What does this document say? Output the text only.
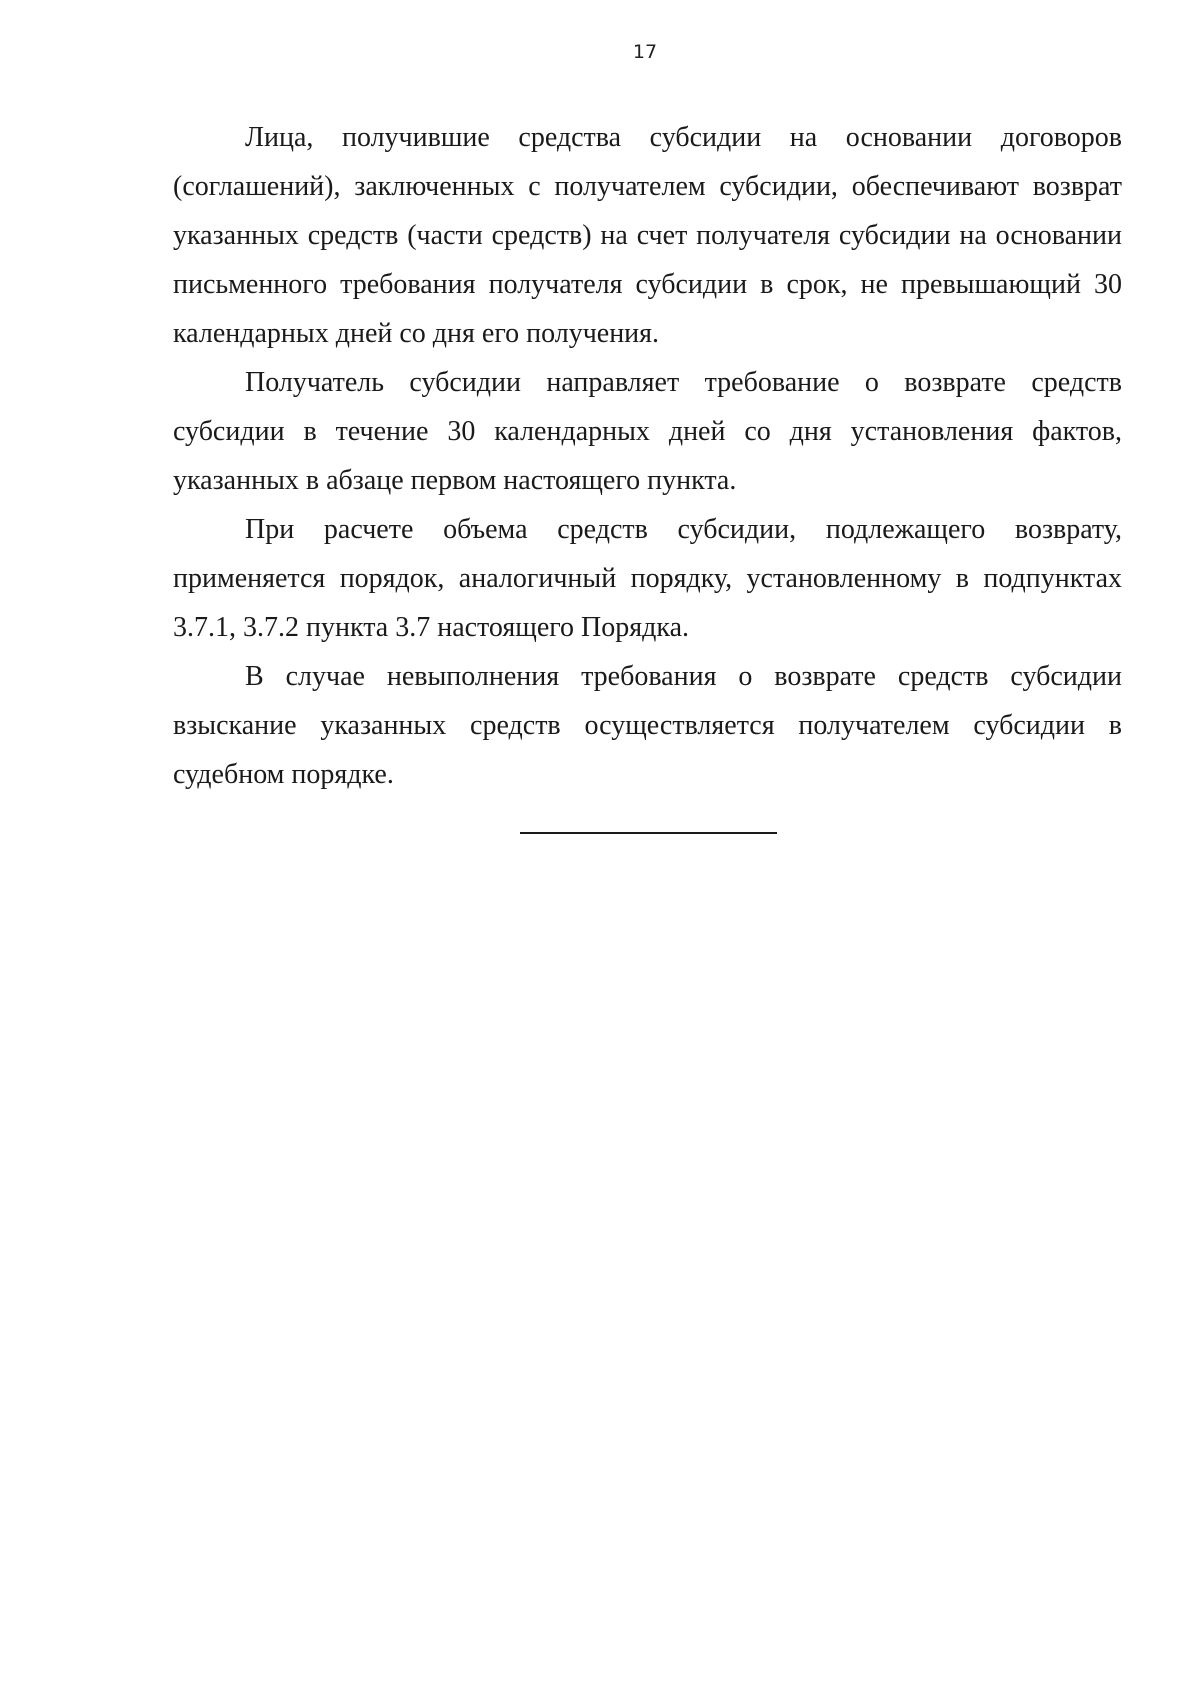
17

Лица, получившие средства субсидии на основании договоров (соглашений), заключенных с получателем субсидии, обеспечивают возврат указанных средств (части средств) на счет получателя субсидии на основании письменного требования получателя субсидии в срок, не превышающий 30 календарных дней со дня его получения.

Получатель субсидии направляет требование о возврате средств субсидии в течение 30 календарных дней со дня установления фактов, указанных в абзаце первом настоящего пункта.

При расчете объема средств субсидии, подлежащего возврату, применяется порядок, аналогичный порядку, установленному в подпунктах 3.7.1, 3.7.2 пункта 3.7 настоящего Порядка.

В случае невыполнения требования о возврате средств субсидии взыскание указанных средств осуществляется получателем субсидии в судебном порядке.
